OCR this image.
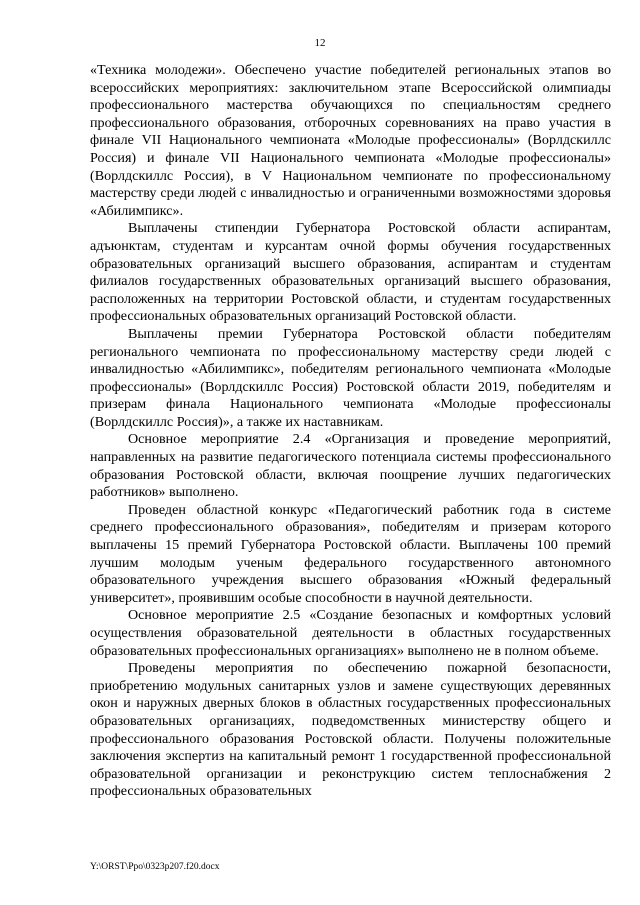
12

«Техника молодежи». Обеспечено участие победителей региональных этапов во всероссийских мероприятиях: заключительном этапе Всероссийской олимпиады профессионального мастерства обучающихся по специальностям среднего профессионального образования, отборочных соревнованиях на право участия в финале VII Национального чемпионата «Молодые профессионалы» (Ворлдскиллс Россия) и финале VII Национального чемпионата «Молодые профессионалы» (Ворлдскиллс Россия), в V Национальном чемпионате по профессиональному мастерству среди людей с инвалидностью и ограниченными возможностями здоровья «Абилимпикс».

Выплачены стипендии Губернатора Ростовской области аспирантам, адъюнктам, студентам и курсантам очной формы обучения государственных образовательных организаций высшего образования, аспирантам и студентам филиалов государственных образовательных организаций высшего образования, расположенных на территории Ростовской области, и студентам государственных профессиональных образовательных организаций Ростовской области.

Выплачены премии Губернатора Ростовской области победителям регионального чемпионата по профессиональному мастерству среди людей с инвалидностью «Абилимпикс», победителям регионального чемпионата «Молодые профессионалы» (Ворлдскиллс Россия) Ростовской области 2019, победителям и призерам финала Национального чемпионата «Молодые профессионалы (Ворлдскиллс Россия)», а также их наставникам.

Основное мероприятие 2.4 «Организация и проведение мероприятий, направленных на развитие педагогического потенциала системы профессионального образования Ростовской области, включая поощрение лучших педагогических работников» выполнено.

Проведен областной конкурс «Педагогический работник года в системе среднего профессионального образования», победителям и призерам которого выплачены 15 премий Губернатора Ростовской области. Выплачены 100 премий лучшим молодым ученым федерального государственного автономного образовательного учреждения высшего образования «Южный федеральный университет», проявившим особые способности в научной деятельности.

Основное мероприятие 2.5 «Создание безопасных и комфортных условий осуществления образовательной деятельности в областных государственных образовательных профессиональных организациях» выполнено не в полном объеме.

Проведены мероприятия по обеспечению пожарной безопасности, приобретению модульных санитарных узлов и замене существующих деревянных окон и наружных дверных блоков в областных государственных профессиональных образовательных организациях, подведомственных министерству общего и профессионального образования Ростовской области. Получены положительные заключения экспертиз на капитальный ремонт 1 государственной профессиональной образовательной организации и реконструкцию систем теплоснабжения 2 профессиональных образовательных

Y:\ORST\Ppo\0323p207.f20.docx
